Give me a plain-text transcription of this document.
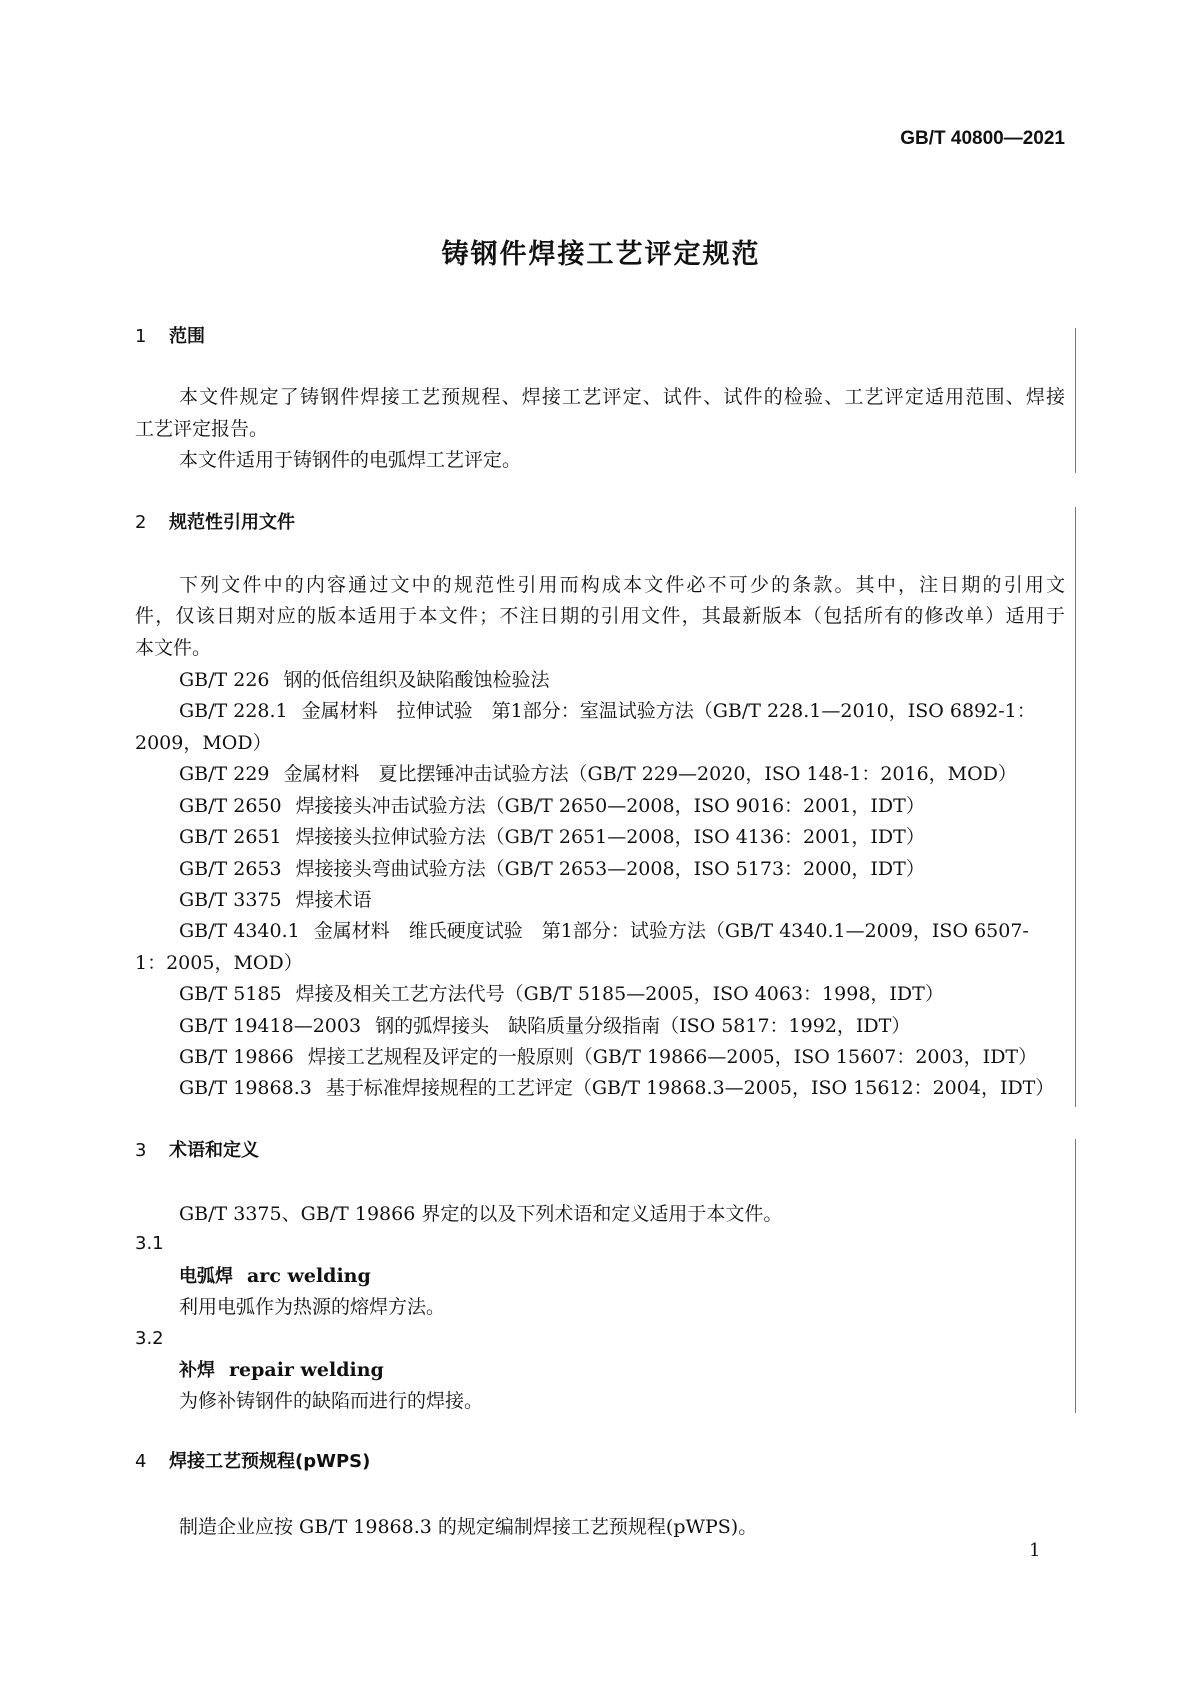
GB/T 40800—2021
铸钢件焊接工艺评定规范
1 范围
本文件规定了铸钢件焊接工艺预规程、焊接工艺评定、试件、试件的检验、工艺评定适用范围、焊接
工艺评定报告。
本文件适用于铸钢件的电弧焊工艺评定。
2 规范性引用文件
下列文件中的内容通过文中的规范性引用而构成本文件必不可少的条款。其中，注日期的引用文
件，仅该日期对应的版本适用于本文件；不注日期的引用文件，其最新版本（包括所有的修改单）适用于
本文件。
GB/T 226 钢的低倍组织及缺陷酸蚀检验法
GB/T 228.1 金属材料　拉伸试验　第1部分：室温试验方法（GB/T 228.1—2010，ISO 6892-1：
2009，MOD）
GB/T 229 金属材料　夏比摆锤冲击试验方法（GB/T 229—2020，ISO 148-1：2016，MOD）
GB/T 2650 焊接接头冲击试验方法（GB/T 2650—2008，ISO 9016：2001，IDT）
GB/T 2651 焊接接头拉伸试验方法（GB/T 2651—2008，ISO 4136：2001，IDT）
GB/T 2653 焊接接头弯曲试验方法（GB/T 2653—2008，ISO 5173：2000，IDT）
GB/T 3375 焊接术语
GB/T 4340.1 金属材料　维氏硬度试验　第1部分：试验方法（GB/T 4340.1—2009，ISO 6507-
1：2005，MOD）
GB/T 5185 焊接及相关工艺方法代号（GB/T 5185—2005，ISO 4063：1998，IDT）
GB/T 19418—2003 钢的弧焊接头　缺陷质量分级指南（ISO 5817：1992，IDT）
GB/T 19866 焊接工艺规程及评定的一般原则（GB/T 19866—2005，ISO 15607：2003，IDT）
GB/T 19868.3 基于标准焊接规程的工艺评定（GB/T 19868.3—2005，ISO 15612：2004，IDT）
3 术语和定义
GB/T 3375、GB/T 19866 界定的以及下列术语和定义适用于本文件。
3.1
电弧焊 arc welding
利用电弧作为热源的熔焊方法。
3.2
补焊 repair welding
为修补铸钢件的缺陷而进行的焊接。
4 焊接工艺预规程(pWPS)
制造企业应按 GB/T 19868.3 的规定编制焊接工艺预规程(pWPS)。
1
